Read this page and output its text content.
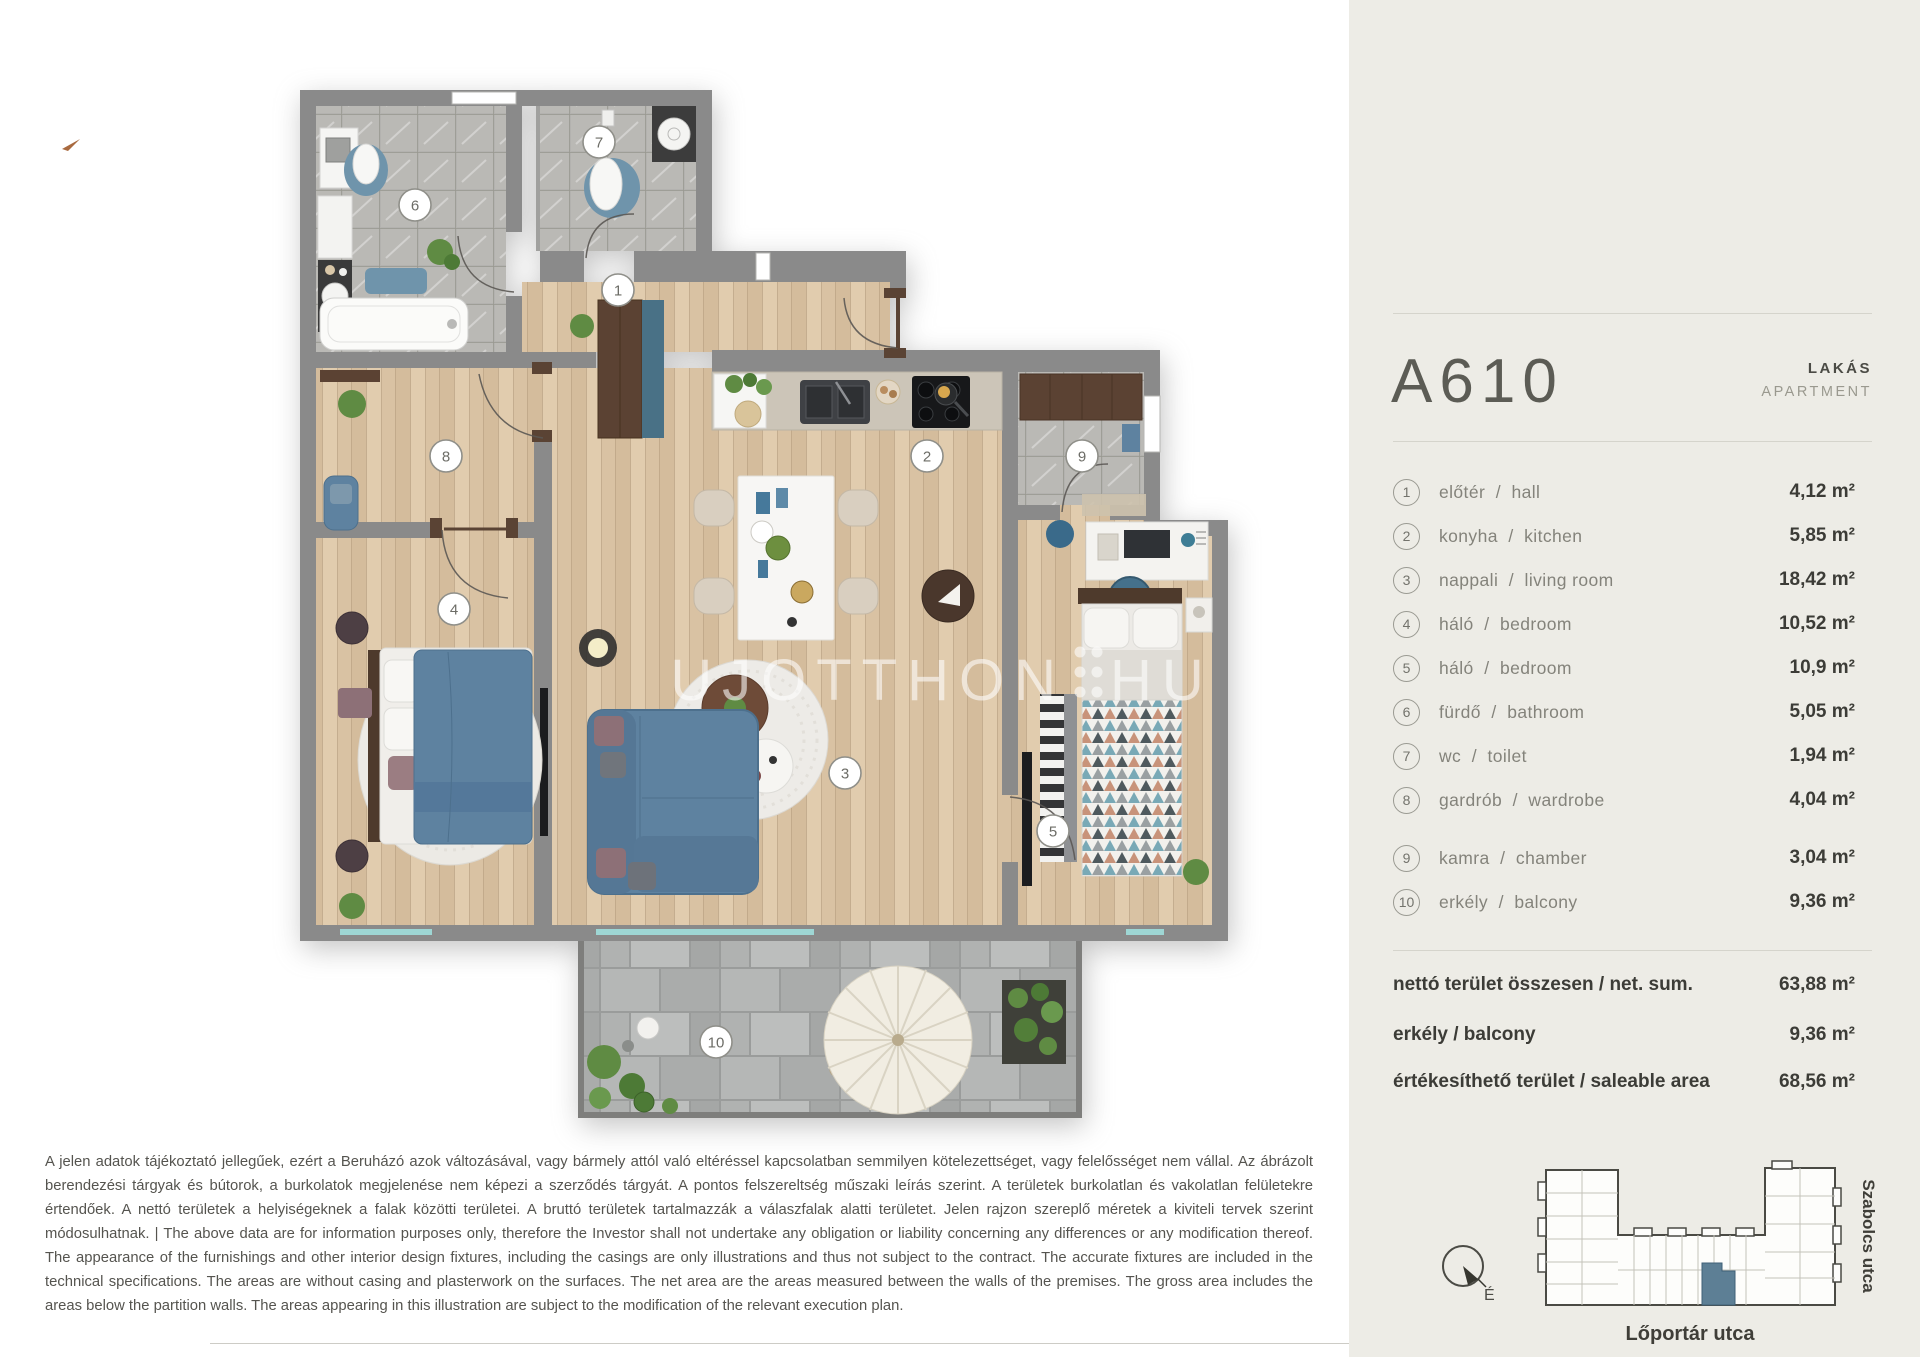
1
2
3
4
5
6
7
8	9
10
UJOTTHON HU
A jelen adatok tájékoztató jellegűek, ezért a Beruházó azok változásával, vagy bármely attól való eltéréssel kapcsolatban semmilyen kötelezettséget, vagy felelősséget nem vállal. Az ábrázolt berendezési tárgyak és bútorok, a burkolatok megjelenése nem képezi a szerződés tárgyát. A pontos felszereltség műszaki leírás szerint. A területek burkolatlan és vakolatlan felületekre értendőek. A nettó területek a helyiségeknek a falak közötti területei. A bruttó területek tartalmazzák a válaszfalak alatti területet. Jelen rajzon szereplő méretek a kiviteli tervek szerint módosulhatnak. | The above data are for information purposes only, therefore the Investor shall not undertake any obligation or liability concerning any differences or any modification thereof. The appearance of the furnishings and other interior design fixtures, including the casings are only illustrations and thus not subject to the contract. The accurate fixtures are included in the technical specifications. The areas are without casing and plasterwork on the surfaces. The net area are the areas measured between the walls of the premises. The gross area includes the areas below the partition walls. The areas appearing in this illustration are subject to the modification of the relevant execution plan.
A610	LAKÁS
APARTMENT
1	előtér  /  hall	4,12 m²
2	konyha  /  kitchen	5,85 m²
3	nappali  /  living room	18,42 m²
4	háló  /  bedroom	10,52 m²
5	háló  /  bedroom	10,9 m²
6	fürdő  /  bathroom	5,05 m²
7	wc  /  toilet	1,94 m²
8	gardrób  /  wardrobe	4,04 m²
9	kamra  /  chamber	3,04 m²
10	erkély  /  balcony	9,36 m²
nettó terület összesen / net. sum.	63,88 m²
erkély / balcony	9,36 m²
értékesíthető terület / saleable area	68,56 m²
É
Lőportár utca
Szabolcs utca
